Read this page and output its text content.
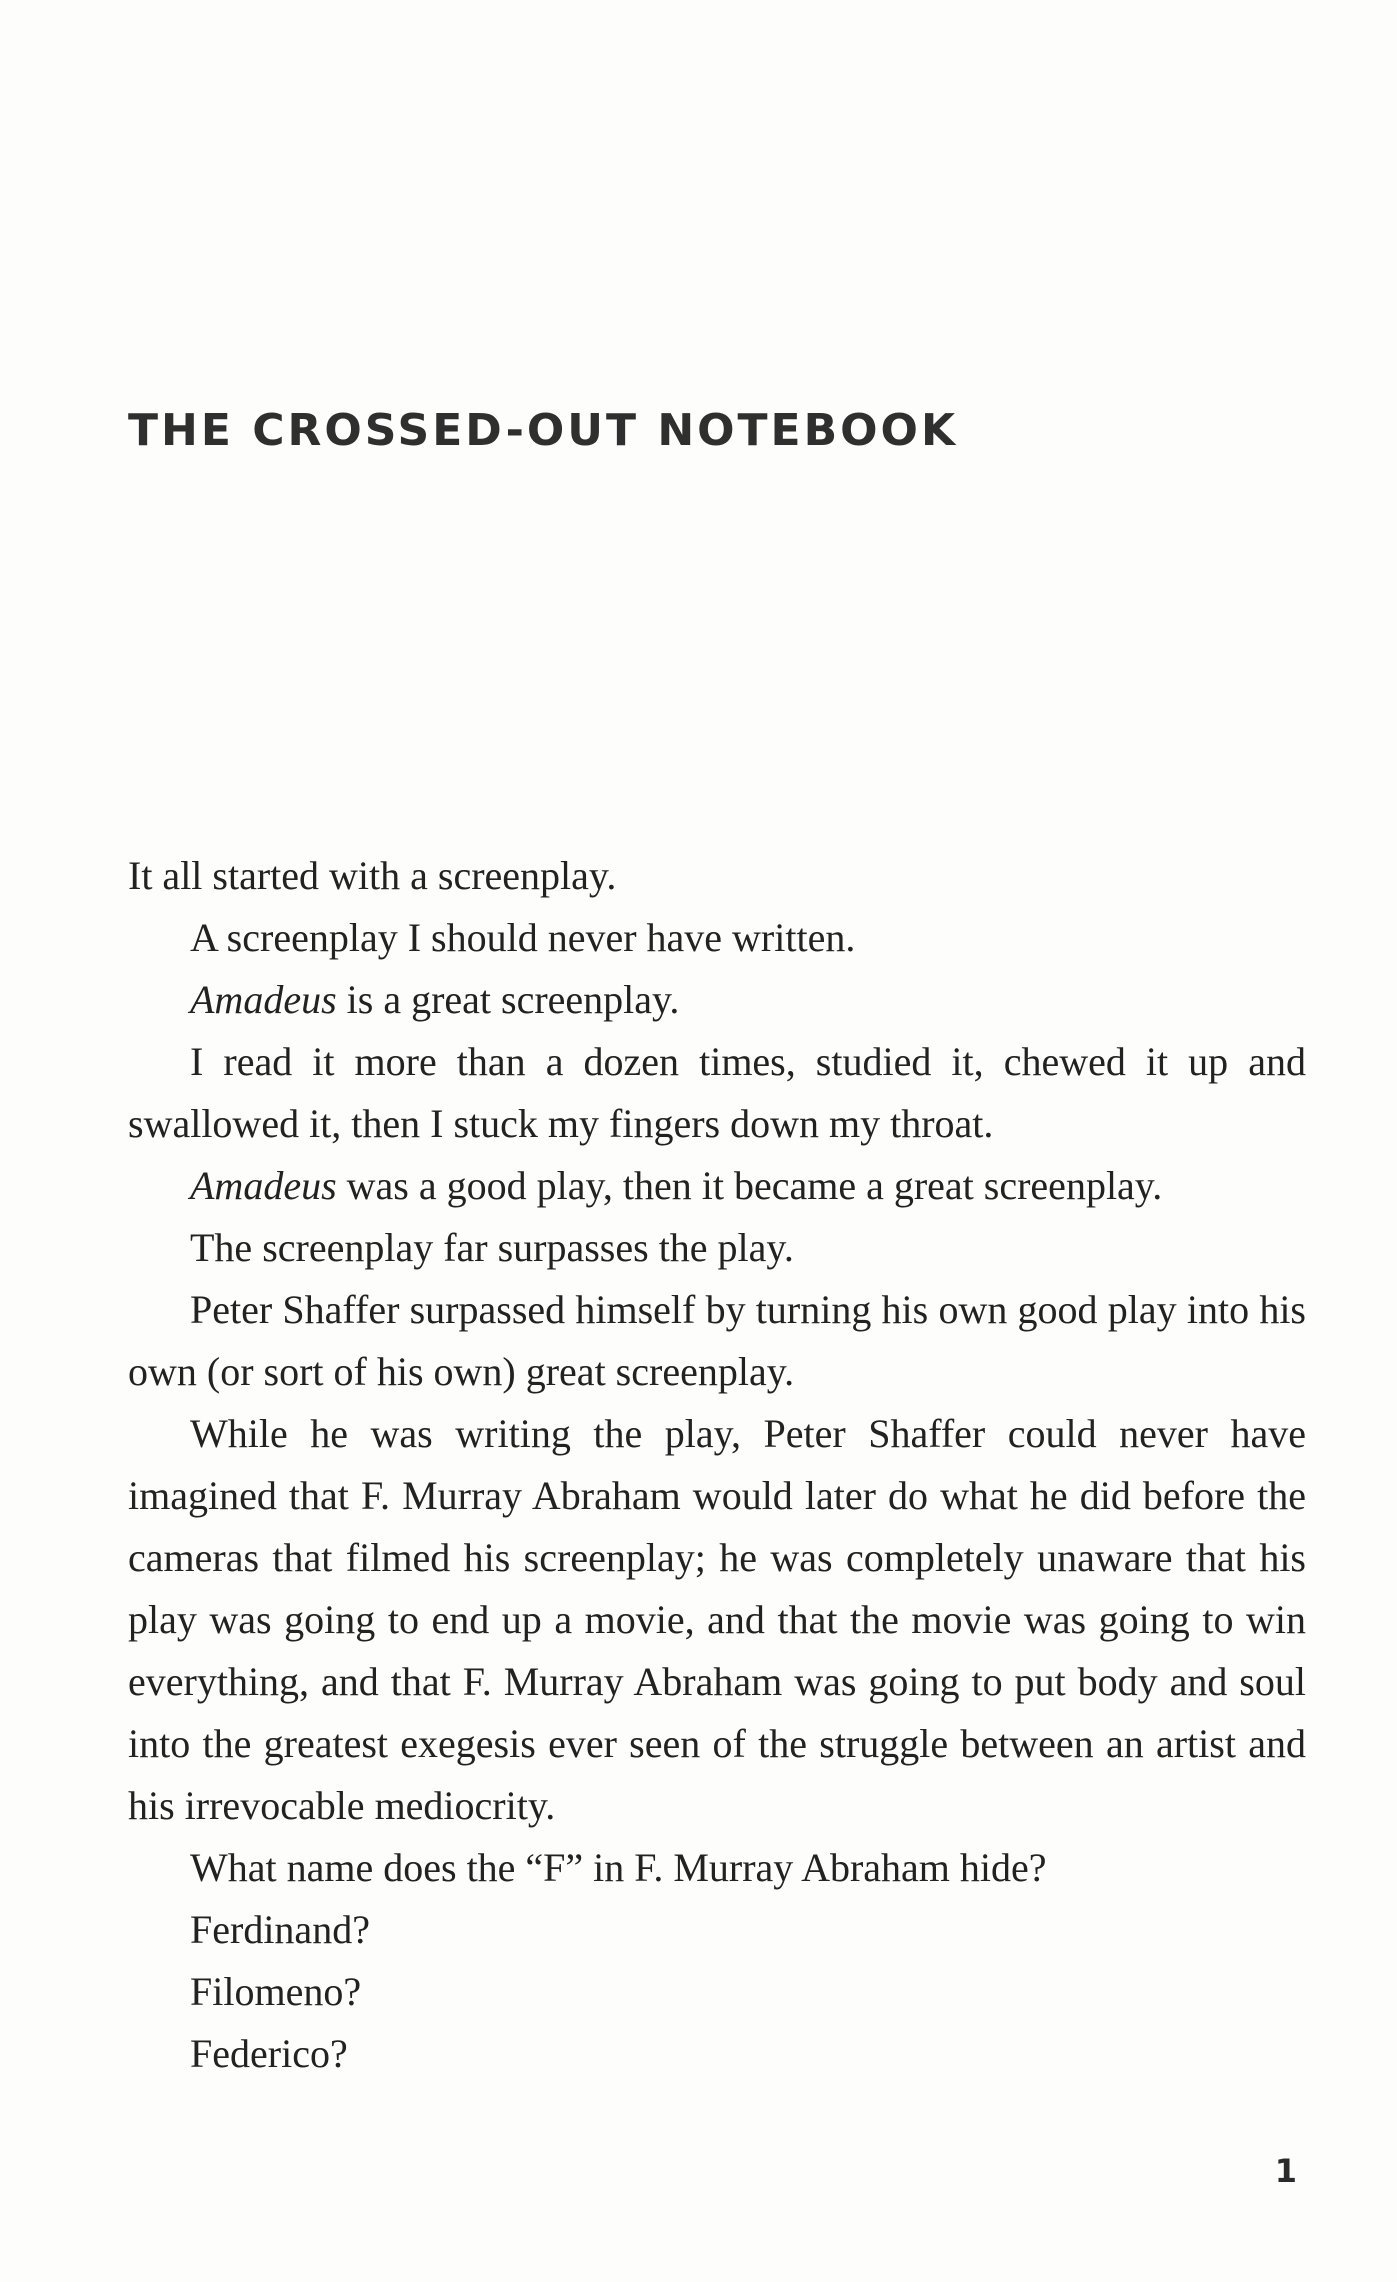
THE CROSSED-OUT NOTEBOOK

It all started with a screenplay.

A screenplay I should never have written.

Amadeus is a great screenplay.

I read it more than a dozen times, studied it, chewed it up and swallowed it, then I stuck my fingers down my throat.

Amadeus was a good play, then it became a great screenplay.

The screenplay far surpasses the play.

Peter Shaffer surpassed himself by turning his own good play into his own (or sort of his own) great screenplay.

While he was writing the play, Peter Shaffer could never have imagined that F. Murray Abraham would later do what he did before the cameras that filmed his screenplay; he was completely unaware that his play was going to end up a movie, and that the movie was going to win everything, and that F. Murray Abraham was going to put body and soul into the greatest exegesis ever seen of the struggle between an artist and his irrevocable mediocrity.

What name does the “F” in F. Murray Abraham hide?

Ferdinand?

Filomeno?

Federico?

1
